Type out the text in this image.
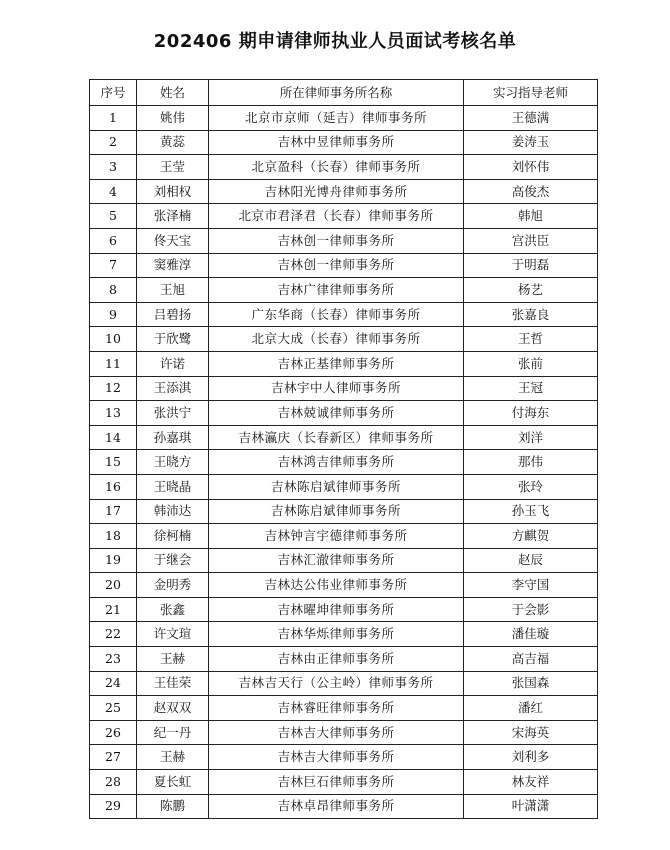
202406 期申请律师执业人员面试考核名单
序号	姓名	所在律师事务所名称	实习指导老师
1	姚伟	北京市京师（延吉）律师事务所	王德满
2	黄蕊	吉林中昱律师事务所	姜涛玉
3	王莹	北京盈科（长春）律师事务所	刘怀伟
4	刘相权	吉林阳光博舟律师事务所	高俊杰
5	张泽楠	北京市君泽君（长春）律师事务所	韩旭
6	佟天宝	吉林创一律师事务所	宫洪臣
7	窦雅淳	吉林创一律师事务所	于明磊
8	王旭	吉林广律律师事务所	杨艺
9	吕碧扬	广东华商（长春）律师事务所	张嘉良
10	于欣鹭	北京大成（长春）律师事务所	王哲
11	许诺	吉林正基律师事务所	张前
12	王添淇	吉林宇中人律师事务所	王冠
13	张洪宁	吉林兢诚律师事务所	付海东
14	孙嘉琪	吉林瀛庆（长春新区）律师事务所	刘洋
15	王晓方	吉林鸿吉律师事务所	那伟
16	王晓晶	吉林陈启斌律师事务所	张玲
17	韩沛达	吉林陈启斌律师事务所	孙玉飞
18	徐柯楠	吉林钟言宇德律师事务所	方麒贺
19	于继会	吉林汇澈律师事务所	赵辰
20	金明秀	吉林达公伟业律师事务所	李守国
21	张鑫	吉林曜坤律师事务所	于会影
22	许文瑄	吉林华烁律师事务所	潘佳璇
23	王赫	吉林由正律师事务所	高吉福
24	王佳荣	吉林吉天行（公主岭）律师事务所	张国森
25	赵双双	吉林睿旺律师事务所	潘红
26	纪一丹	吉林吉大律师事务所	宋海英
27	王赫	吉林吉大律师事务所	刘利多
28	夏长虹	吉林巨石律师事务所	林友祥
29	陈鹏	吉林卓昂律师事务所	叶潇潇
